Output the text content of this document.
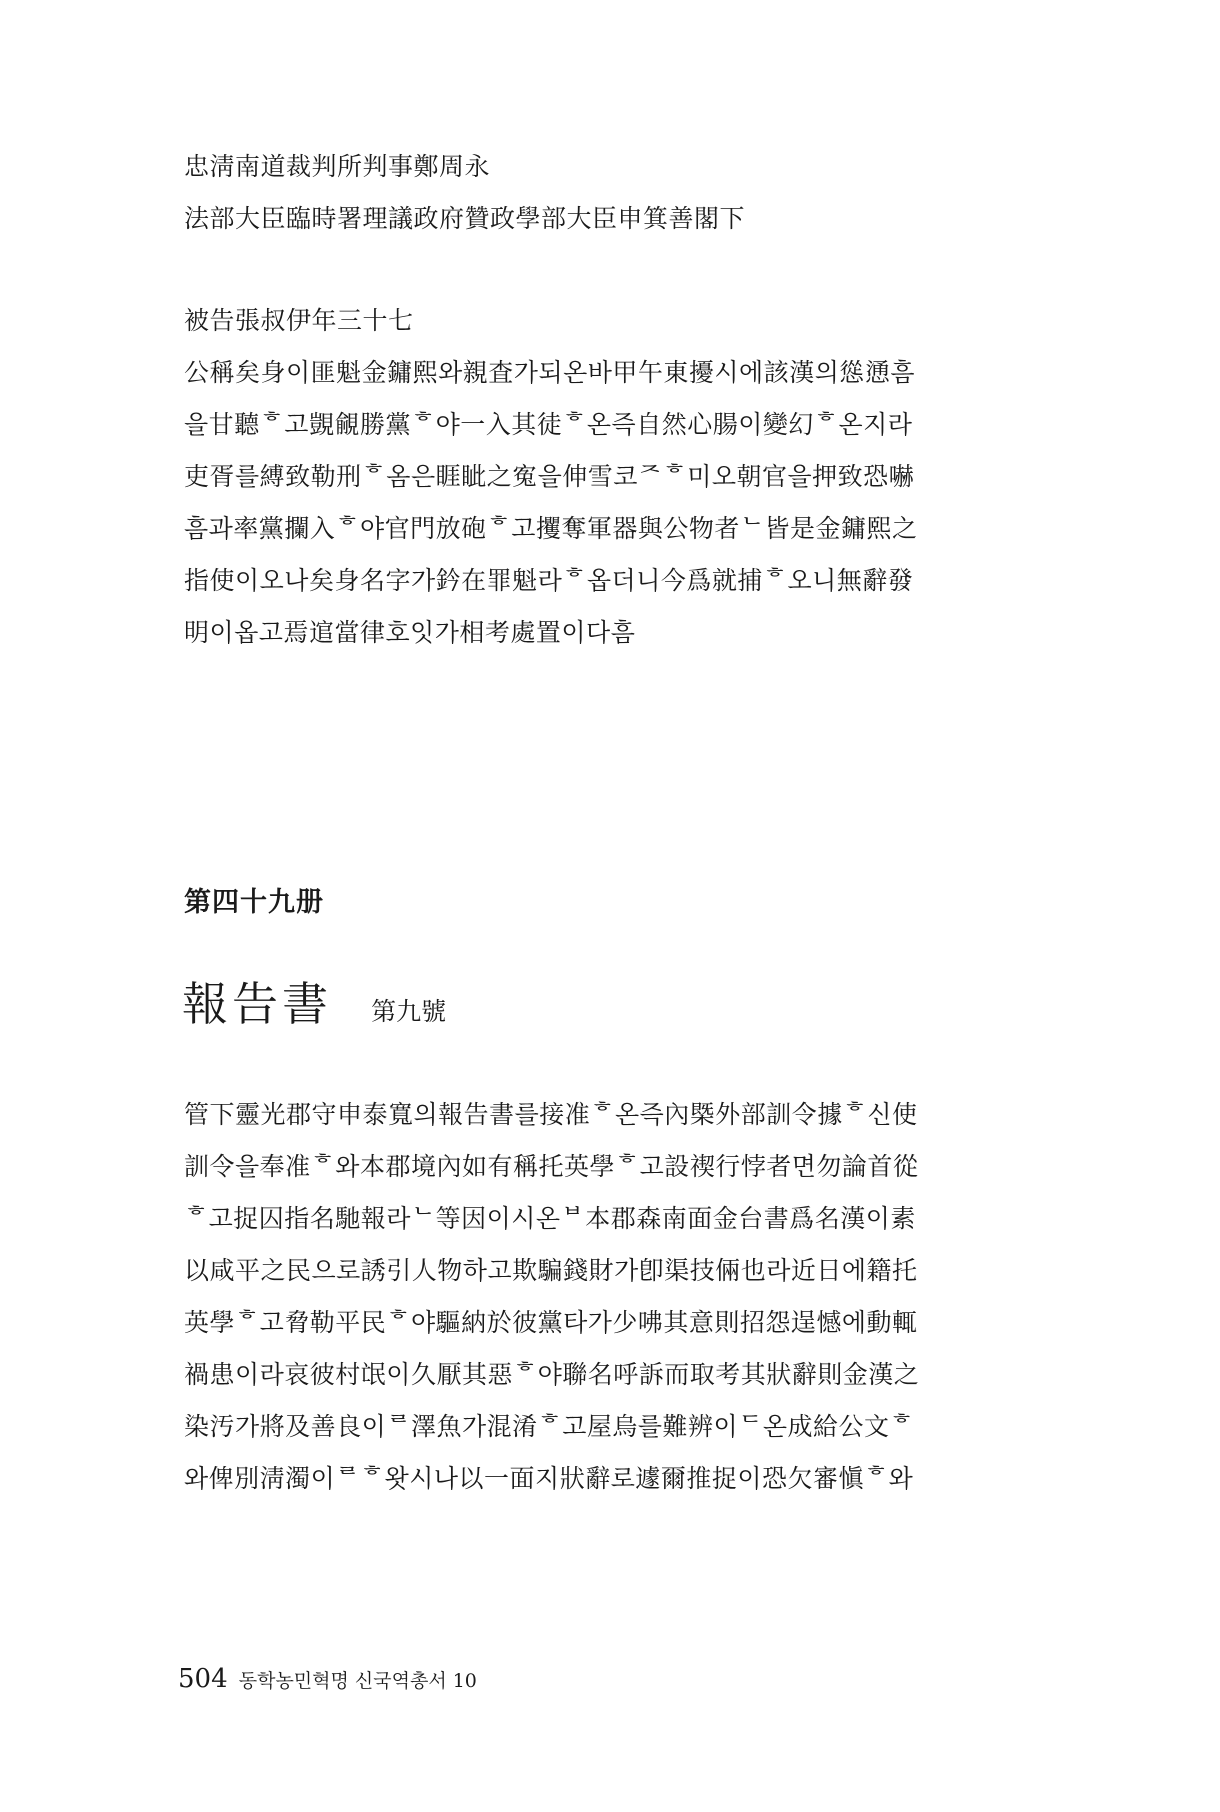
忠淸南道裁判所判事鄭周永
法部大臣臨時署理議政府贊政學部大臣申箕善閣下
被告張叔伊年三十七
公稱矣身이匪魁金鏞熙와親査가되온바甲午東擾시에該漢의慫慂흠
을甘聽ᄒ고覬覦勝黨ᄒ야一入其徒ᄒ온즉自然心腸이變幻ᄒ온지라
吏胥를縛致勒刑ᄒ옴은睚眦之寃을伸雪코ᄌᄒ미오朝官을押致恐嚇
흠과率黨攔入ᄒ야官門放砲ᄒ고攫奪軍器與公物者ᄂ皆是金鏞熙之
指使이오나矣身名字가鈐在罪魁라ᄒ옵더니今爲就捕ᄒ오니無辭發
明이옵고焉逭當律호잇가相考處置이다흠
第四十九册
報告書 第九號
管下靈光郡守申泰寬의報告書를接准ᄒ온즉內槩外部訓令據ᄒ신使
訓令을奉准ᄒ와本郡境內如有稱托英學ᄒ고設禊行悖者면勿論首從
ᄒ고捉囚指名馳報라ᄂ等因이시온ᄇ本郡森南面金台書爲名漢이素
以咸平之民으로誘引人物하고欺騙錢財가卽渠技倆也라近日에籍托
英學ᄒ고脅勒平民ᄒ야驅納於彼黨타가少咈其意則招怨逞憾에動輒
禍患이라哀彼村氓이久厭其惡ᄒ야聯名呼訴而取考其狀辭則金漢之
染汚가將及善良이ᄅ澤魚가混淆ᄒ고屋烏를難辨이ᄃ온成給公文ᄒ
와俾別淸濁이ᄅᄒ왓시나以一面지狀辭로遽爾推捉이恐欠審愼ᄒ와
504 동학농민혁명 신국역총서 10
